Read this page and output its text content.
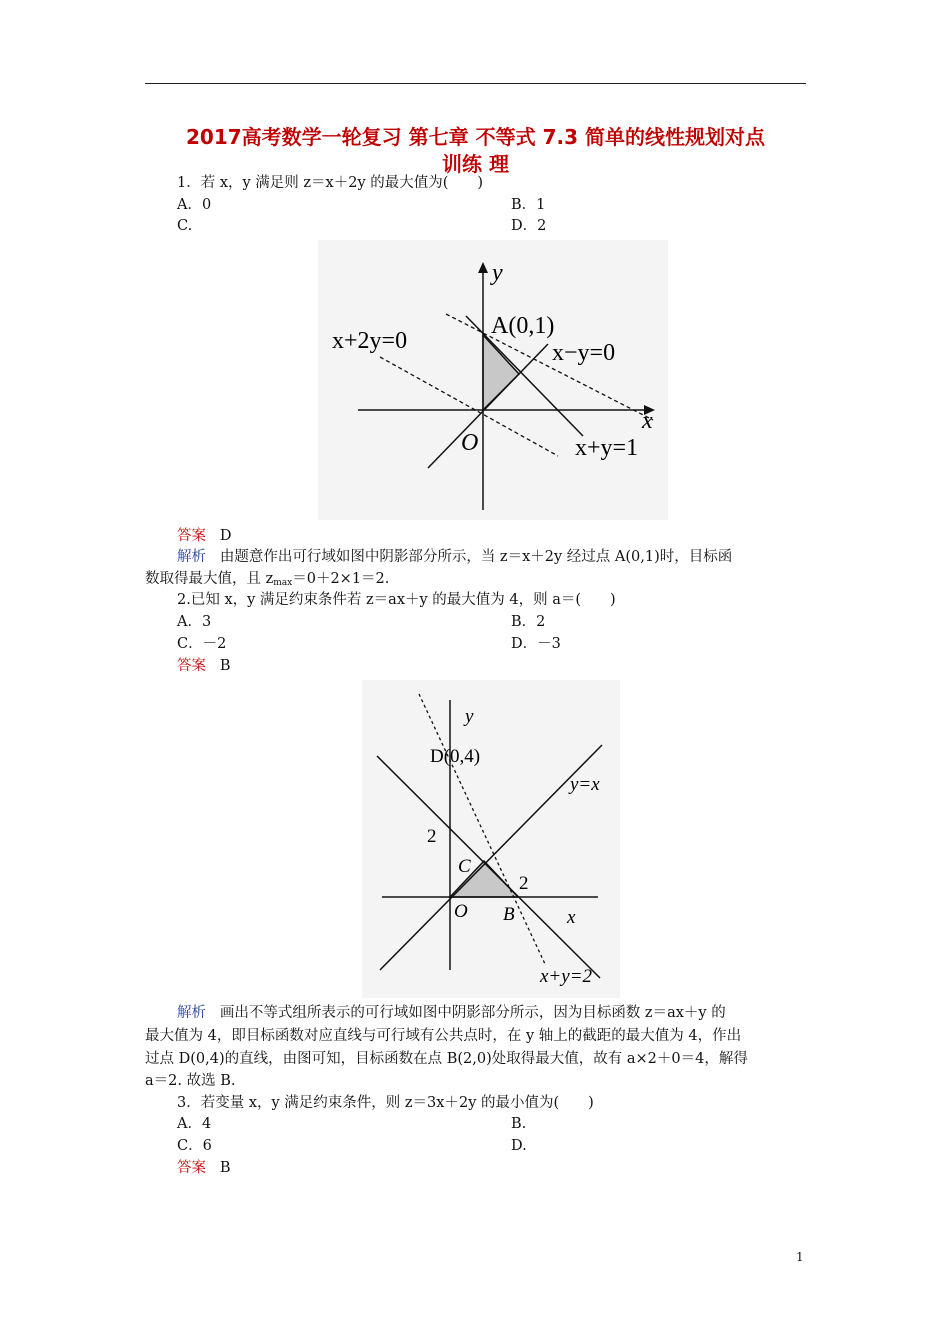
2017高考数学一轮复习 第七章 不等式 7.3 简单的线性规划对点
训练 理
1．若 x，y 满足则 z＝x＋2y 的最大值为(　　)
A．0	B．1
C.	D．2
y
x
O
A(0,1)
x+2y=0	x−y=0
x+y=1
答案 D
解析 由题意作出可行域如图中阴影部分所示，当 z＝x＋2y 经过点 A(0,1)时，目标函
数取得最大值，且 $z_{max}=0+2\times 1=2$.
2.已知 x，y 满足约束条件若 z＝ax＋y 的最大值为 4，则 a＝(　　)
A．3	B．2
C．－2	D．－3
答案 B
y
x
O
D(0,4)
C
B
2
2
y=x
x+y=2
解析 画出不等式组所表示的可行域如图中阴影部分所示，因为目标函数 z＝ax＋y 的
最大值为 4，即目标函数对应直线与可行域有公共点时，在 y 轴上的截距的最大值为 4，作出
过点 D(0,4)的直线，由图可知，目标函数在点 B(2,0)处取得最大值，故有 a×2＋0＝4，解得
a＝2. 故选 B.
3．若变量 x，y 满足约束条件，则 z＝3x＋2y 的最小值为(　　)
A．4	B.
C．6	D.
答案 B
1
